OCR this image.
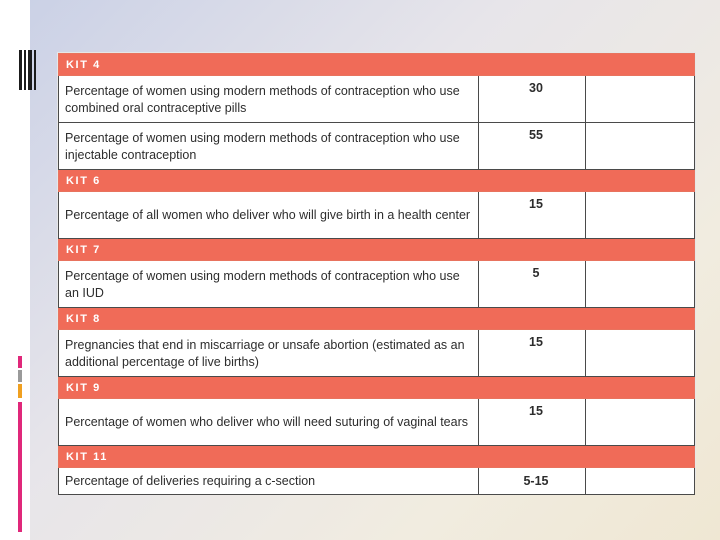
KIT 4		
Percentage of women using modern methods of contraception who use combined oral contraceptive pills	30	
Percentage of women using modern methods of contraception who use injectable contraception	55	
KIT 6		
Percentage of all women who deliver who will give birth in a health center	15	
KIT 7		
Percentage of women using modern methods of contraception who use an IUD	5	
KIT 8		
Pregnancies that end in miscarriage or unsafe abortion (estimated as an additional percentage of live births)	15	
KIT 9		
Percentage of women who deliver who will need suturing of vaginal tears	15	
KIT 11		
Percentage of deliveries requiring a c-section	5-15	
